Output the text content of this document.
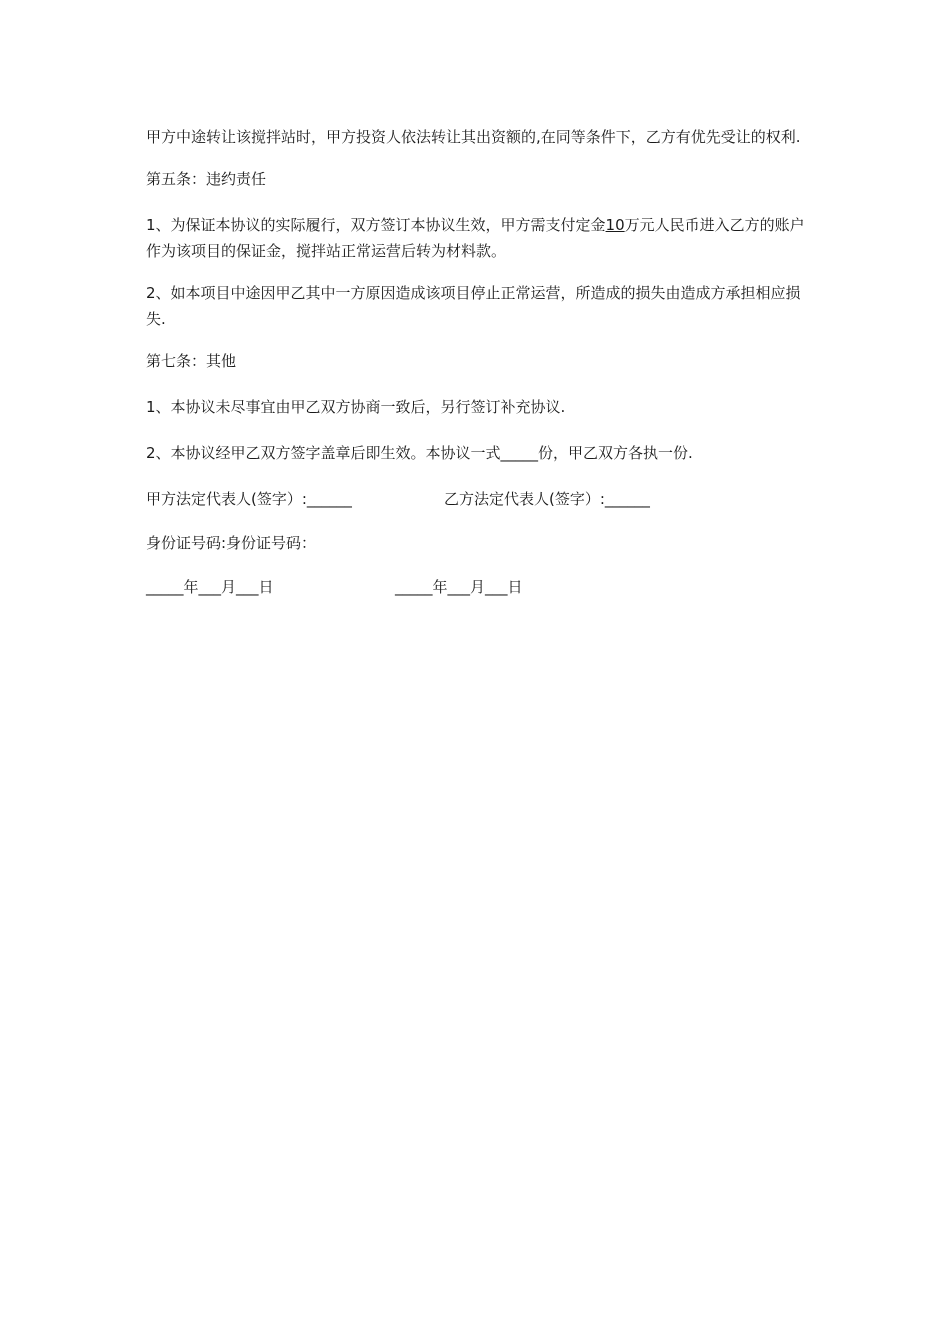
甲方中途转让该搅拌站时，甲方投资人依法转让其出资额的,在同等条件下，乙方有优先受让的权利.

第五条：违约责任

1、为保证本协议的实际履行，双方签订本协议生效，甲方需支付定金10万元人民币进入乙方的账户作为该项目的保证金，搅拌站正常运营后转为材料款。

2、如本项目中途因甲乙其中一方原因造成该项目停止正常运营，所造成的损失由造成方承担相应损失.

第七条：其他

1、本协议未尽事宜由甲乙双方协商一致后，另行签订补充协议.

2、本协议经甲乙双方签字盖章后即生效。本协议一式_____份，甲乙双方各执一份.

甲方法定代表人(签字）:______	乙方法定代表人(签字）:______
身份证号码:身份证号码：
_____年___月___日	_____年___月___日
